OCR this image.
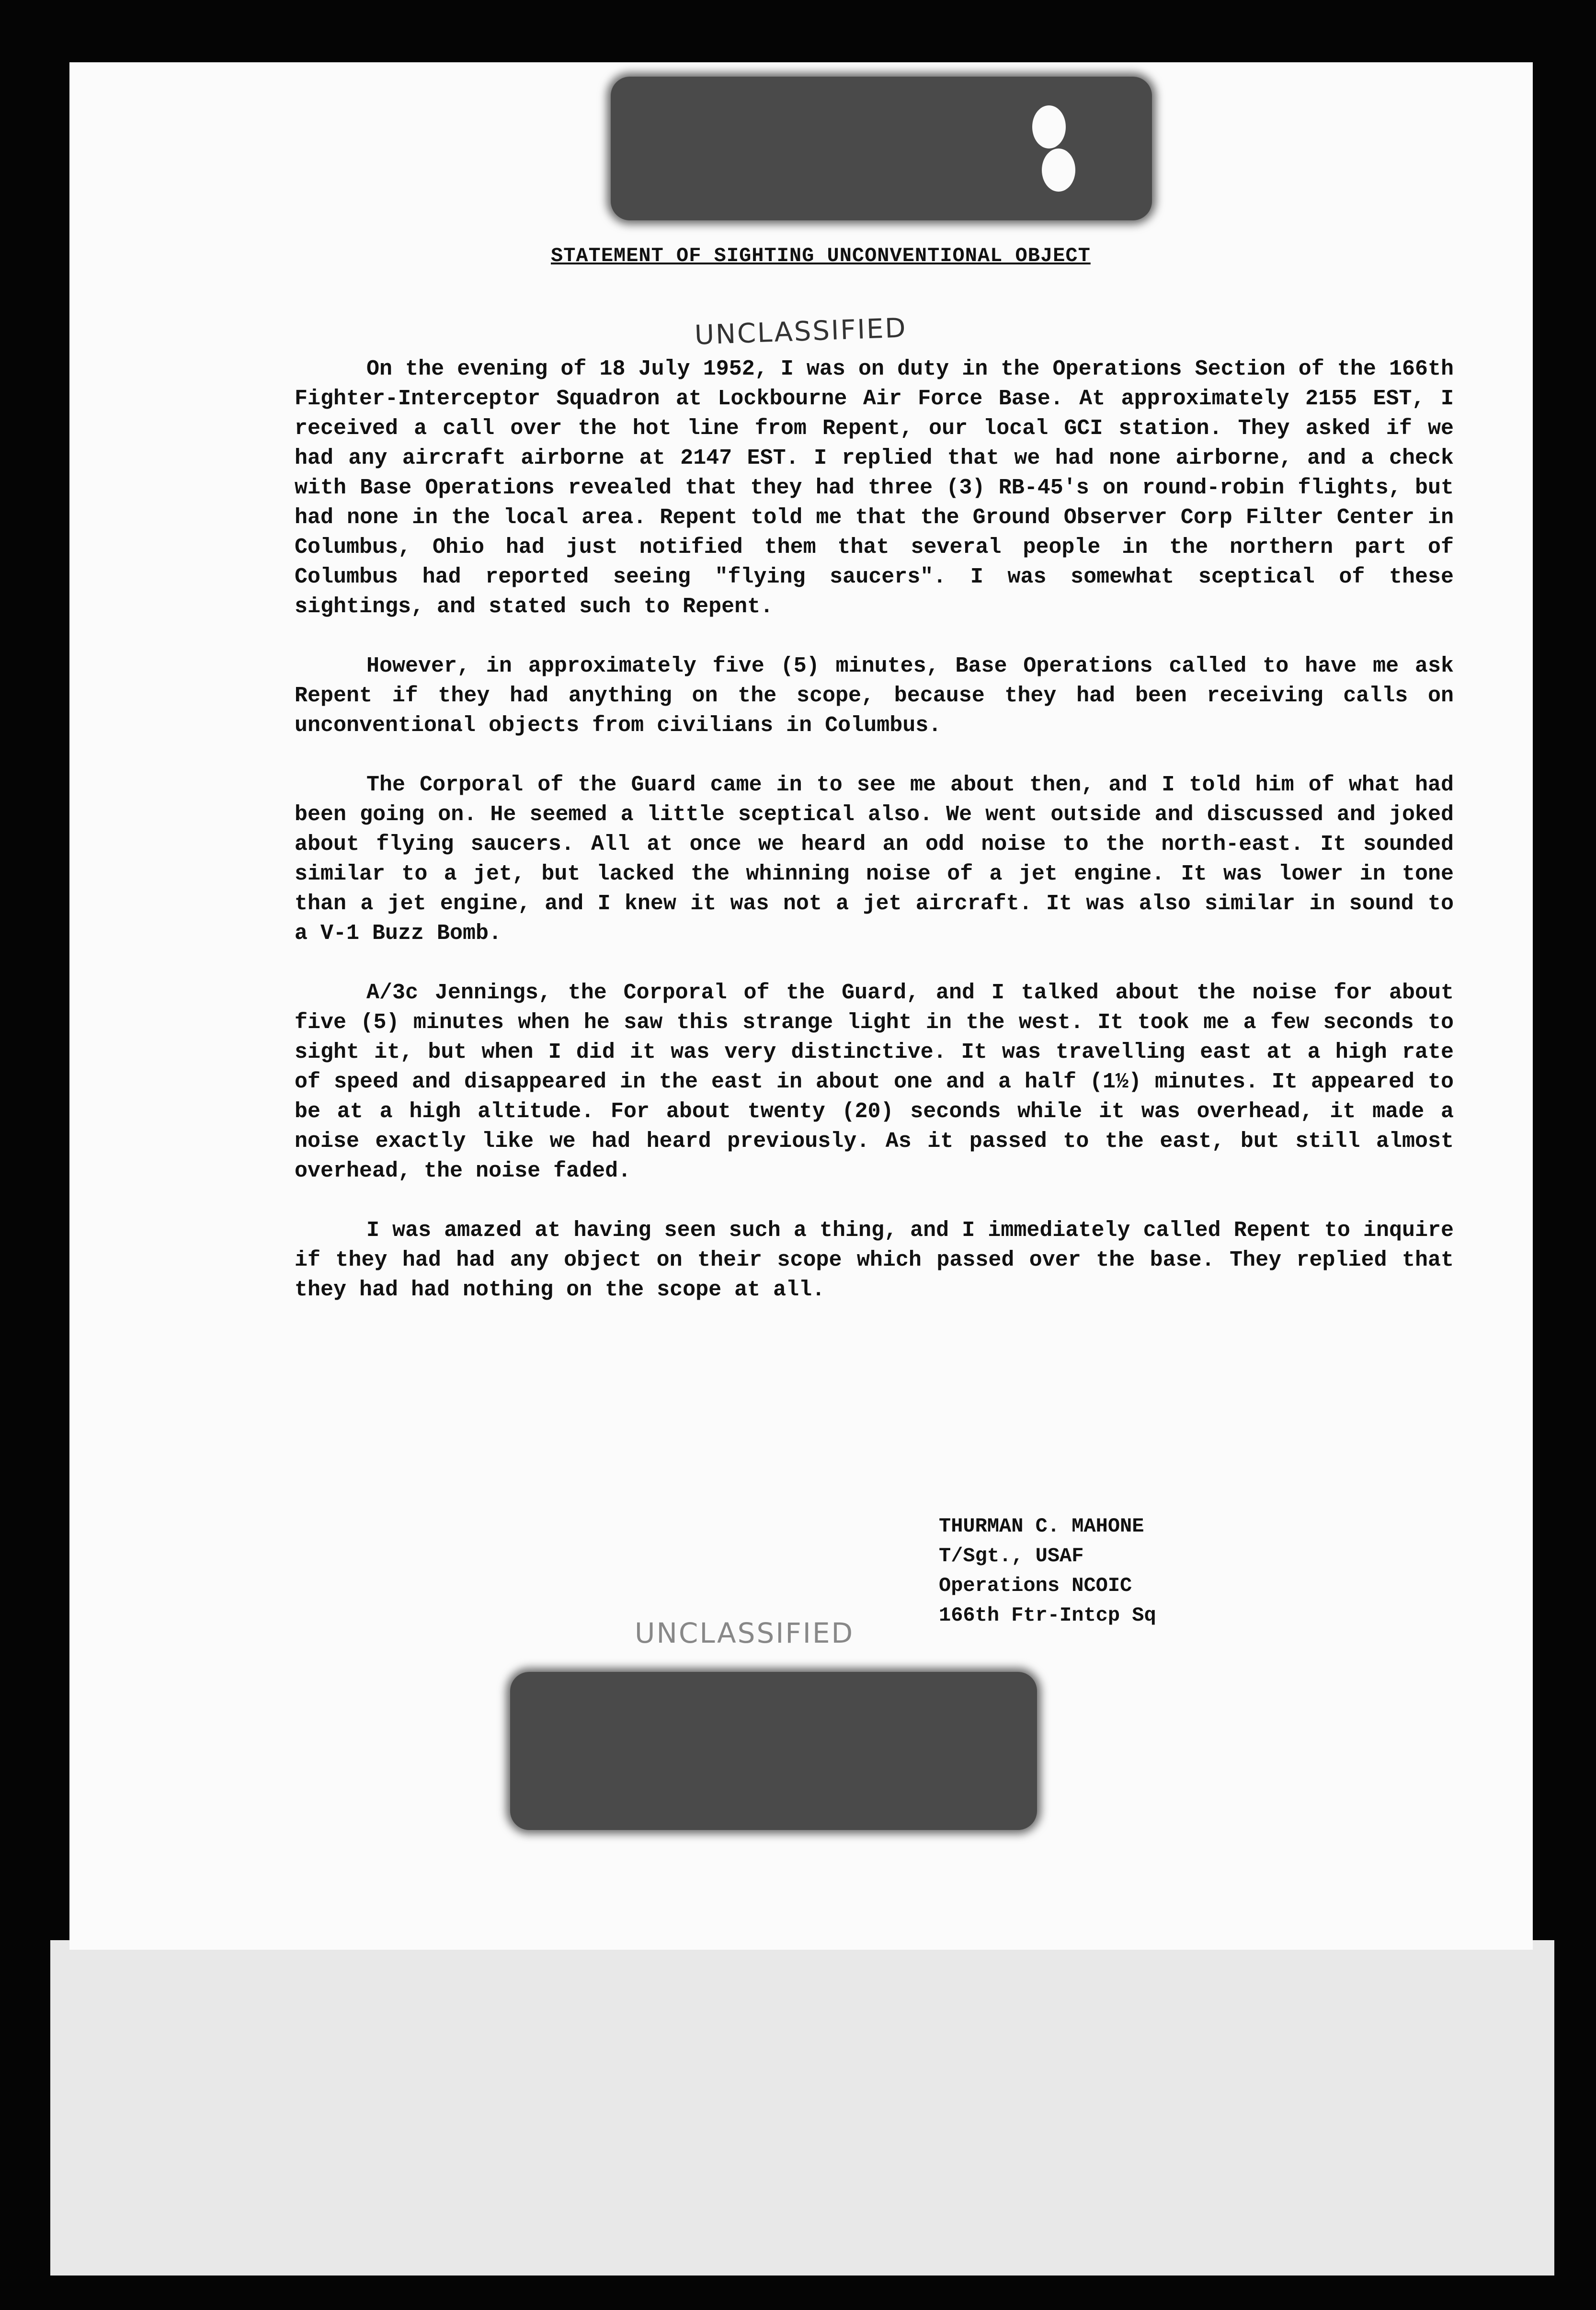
STATEMENT OF SIGHTING UNCONVENTIONAL OBJECT
UNCLASSIFIED

On the evening of 18 July 1952, I was on duty in the Operations Section of the 166th Fighter-Interceptor Squadron at Lockbourne Air Force Base. At approximately 2155 EST, I received a call over the hot line from Repent, our local GCI station. They asked if we had any aircraft airborne at 2147 EST. I replied that we had none airborne, and a check with Base Operations revealed that they had three (3) RB-45's on round-robin flights, but had none in the local area. Repent told me that the Ground Observer Corp Filter Center in Columbus, Ohio had just notified them that several people in the northern part of Columbus had reported seeing "flying saucers". I was somewhat sceptical of these sightings, and stated such to Repent.

However, in approximately five (5) minutes, Base Operations called to have me ask Repent if they had anything on the scope, because they had been receiving calls on unconventional objects from civilians in Columbus.

The Corporal of the Guard came in to see me about then, and I told him of what had been going on. He seemed a little sceptical also. We went outside and discussed and joked about flying saucers. All at once we heard an odd noise to the north-east. It sounded similar to a jet, but lacked the whinning noise of a jet engine. It was lower in tone than a jet engine, and I knew it was not a jet aircraft. It was also similar in sound to a V-1 Buzz Bomb.

A/3c Jennings, the Corporal of the Guard, and I talked about the noise for about five (5) minutes when he saw this strange light in the west. It took me a few seconds to sight it, but when I did it was very distinctive. It was travelling east at a high rate of speed and disappeared in the east in about one and a half (1½) minutes. It appeared to be at a high altitude. For about twenty (20) seconds while it was overhead, it made a noise exactly like we had heard previously. As it passed to the east, but still almost overhead, the noise faded.

I was amazed at having seen such a thing, and I immediately called Repent to inquire if they had had any object on their scope which passed over the base. They replied that they had had nothing on the scope at all.

THURMAN C. MAHONE
T/Sgt., USAF
Operations NCOIC
166th Ftr-Intcp Sq
UNCLASSIFIED
